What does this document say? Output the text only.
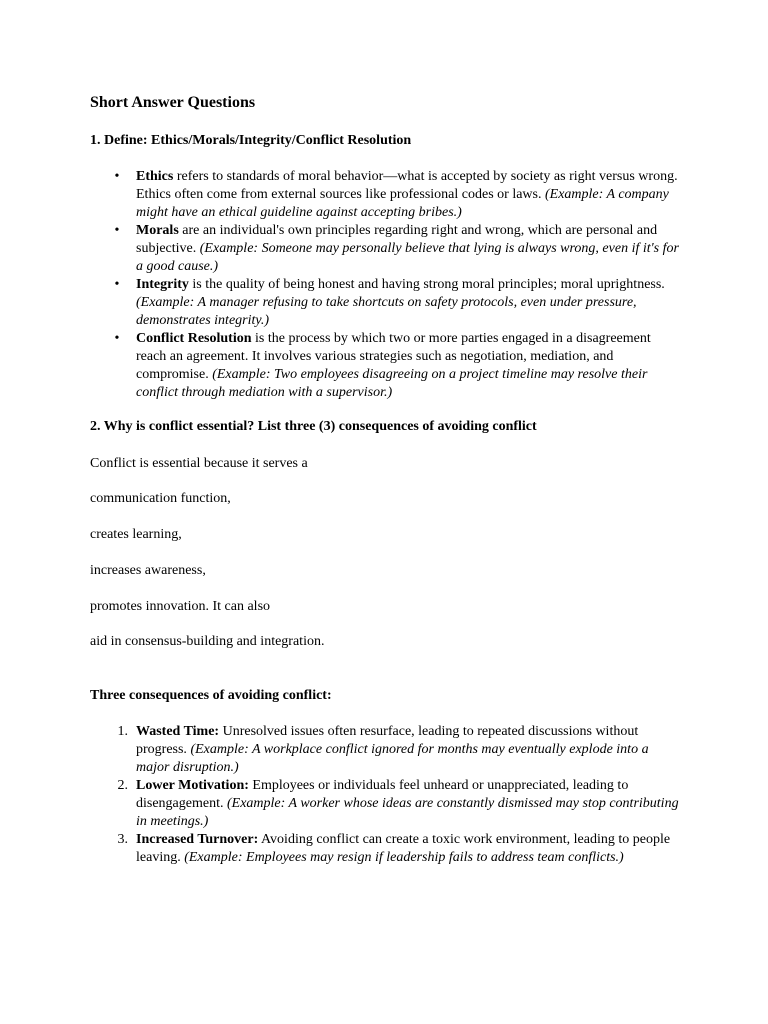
Short Answer Questions
1. Define: Ethics/Morals/Integrity/Conflict Resolution
• Ethics refers to standards of moral behavior—what is accepted by society as right versus wrong. Ethics often come from external sources like professional codes or laws. (Example: A company might have an ethical guideline against accepting bribes.)
• Morals are an individual's own principles regarding right and wrong, which are personal and subjective. (Example: Someone may personally believe that lying is always wrong, even if it's for a good cause.)
• Integrity is the quality of being honest and having strong moral principles; moral uprightness. (Example: A manager refusing to take shortcuts on safety protocols, even under pressure, demonstrates integrity.)
• Conflict Resolution is the process by which two or more parties engaged in a disagreement reach an agreement. It involves various strategies such as negotiation, mediation, and compromise. (Example: Two employees disagreeing on a project timeline may resolve their conflict through mediation with a supervisor.)
2. Why is conflict essential? List three (3) consequences of avoiding conflict

Conflict is essential because it serves a

communication function,

creates learning,

increases awareness,

promotes innovation. It can also

aid in consensus-building and integration.

Three consequences of avoiding conflict:
1. Wasted Time: Unresolved issues often resurface, leading to repeated discussions without progress. (Example: A workplace conflict ignored for months may eventually explode into a major disruption.)
2. Lower Motivation: Employees or individuals feel unheard or unappreciated, leading to disengagement. (Example: A worker whose ideas are constantly dismissed may stop contributing in meetings.)
3. Increased Turnover: Avoiding conflict can create a toxic work environment, leading to people leaving. (Example: Employees may resign if leadership fails to address team conflicts.)
